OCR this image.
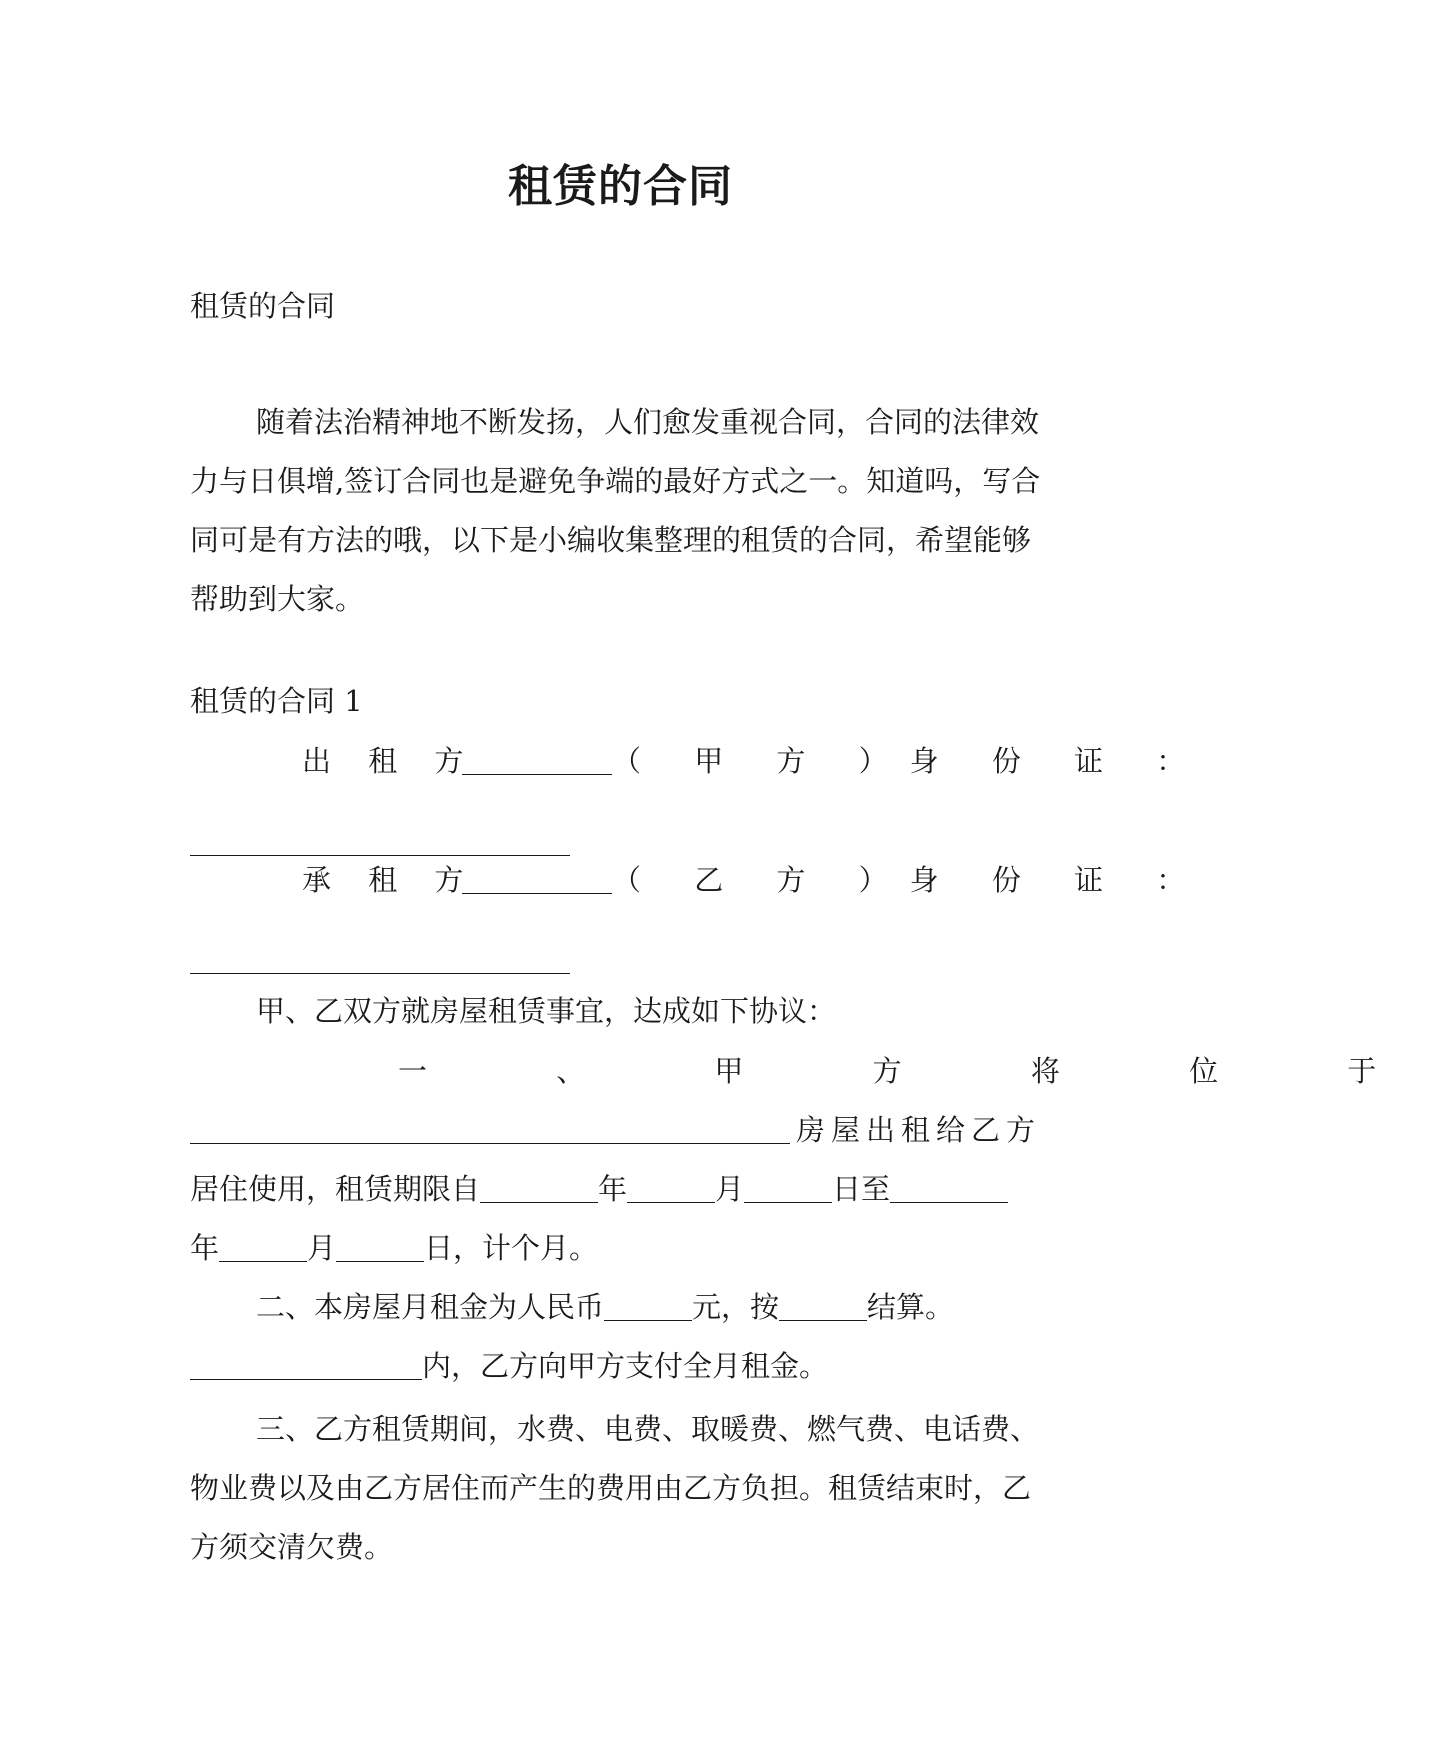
租赁的合同

租赁的合同

随着法治精神地不断发扬，人们愈发重视合同，合同的法律效力与日俱增,签订合同也是避免争端的最好方式之一。知道吗，写合同可是有方法的哦，以下是小编收集整理的租赁的合同，希望能够帮助到大家。

租赁的合同 1

出 租 方	（ 甲 方 ）身 份 证 ：
承 租 方	（ 乙 方 ）身 份 证 ：

甲、乙双方就房屋租赁事宜，达成如下协议：

一 、 甲 方 将 位 于
房屋出租给乙方
居住使用，租赁期限自	年	月	日至
年	月	日，计个月。
二、本房屋月租金为人民币	元，按	结算。
内，乙方向甲方支付全月租金。

三、乙方租赁期间，水费、电费、取暖费、燃气费、电话费、物业费以及由乙方居住而产生的费用由乙方负担。租赁结束时，乙方须交清欠费。
